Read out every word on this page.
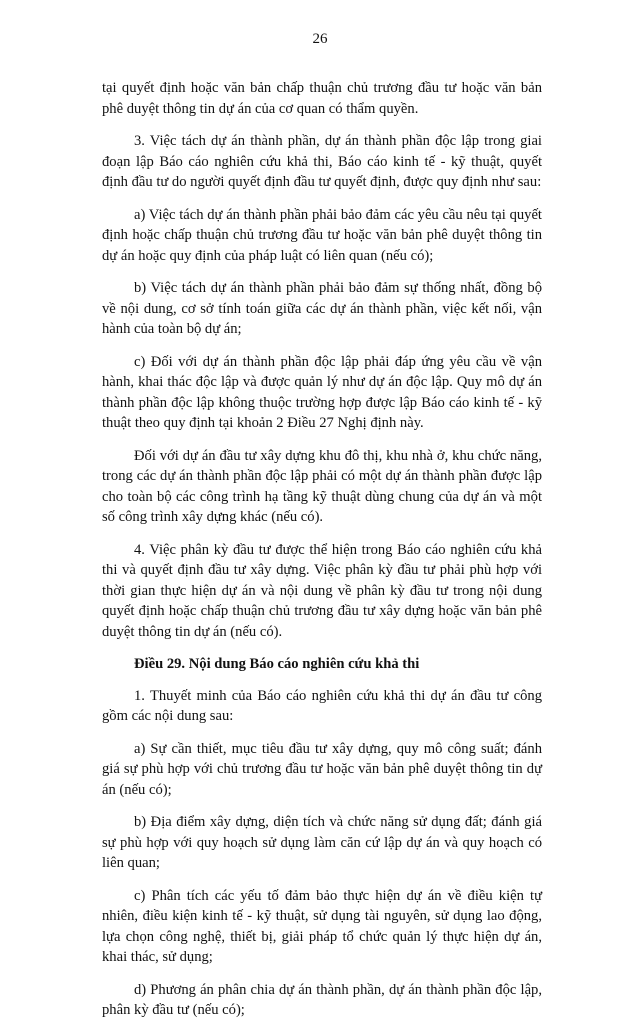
26

tại quyết định hoặc văn bản chấp thuận chủ trương đầu tư hoặc văn bản phê duyệt thông tin dự án của cơ quan có thẩm quyền.

3. Việc tách dự án thành phần, dự án thành phần độc lập trong giai đoạn lập Báo cáo nghiên cứu khả thi, Báo cáo kinh tế - kỹ thuật, quyết định đầu tư do người quyết định đầu tư quyết định, được quy định như sau:

a) Việc tách dự án thành phần phải bảo đảm các yêu cầu nêu tại quyết định hoặc chấp thuận chủ trương đầu tư hoặc văn bản phê duyệt thông tin dự án hoặc quy định của pháp luật có liên quan (nếu có);

b) Việc tách dự án thành phần phải bảo đảm sự thống nhất, đồng bộ về nội dung, cơ sở tính toán giữa các dự án thành phần, việc kết nối, vận hành của toàn bộ dự án;

c) Đối với dự án thành phần độc lập phải đáp ứng yêu cầu về vận hành, khai thác độc lập và được quản lý như dự án độc lập. Quy mô dự án thành phần độc lập không thuộc trường hợp được lập Báo cáo kinh tế - kỹ thuật theo quy định tại khoản 2 Điều 27 Nghị định này.

Đối với dự án đầu tư xây dựng khu đô thị, khu nhà ở, khu chức năng, trong các dự án thành phần độc lập phải có một dự án thành phần được lập cho toàn bộ các công trình hạ tầng kỹ thuật dùng chung của dự án và một số công trình xây dựng khác (nếu có).

4. Việc phân kỳ đầu tư được thể hiện trong Báo cáo nghiên cứu khả thi và quyết định đầu tư xây dựng. Việc phân kỳ đầu tư phải phù hợp với thời gian thực hiện dự án và nội dung về phân kỳ đầu tư trong nội dung quyết định hoặc chấp thuận chủ trương đầu tư xây dựng hoặc văn bản phê duyệt thông tin dự án (nếu có).

Điều 29. Nội dung Báo cáo nghiên cứu khả thi

1. Thuyết minh của Báo cáo nghiên cứu khả thi dự án đầu tư công gồm các nội dung sau:

a) Sự cần thiết, mục tiêu đầu tư xây dựng, quy mô công suất; đánh giá sự phù hợp với chủ trương đầu tư hoặc văn bản phê duyệt thông tin dự án (nếu có);

b) Địa điểm xây dựng, diện tích và chức năng sử dụng đất; đánh giá sự phù hợp với quy hoạch sử dụng làm căn cứ lập dự án và quy hoạch có liên quan;

c) Phân tích các yếu tố đảm bảo thực hiện dự án về điều kiện tự nhiên, điều kiện kinh tế - kỹ thuật, sử dụng tài nguyên, sử dụng lao động, lựa chọn công nghệ, thiết bị, giải pháp tổ chức quản lý thực hiện dự án, khai thác, sử dụng;

d) Phương án phân chia dự án thành phần, dự án thành phần độc lập, phân kỳ đầu tư (nếu có);
